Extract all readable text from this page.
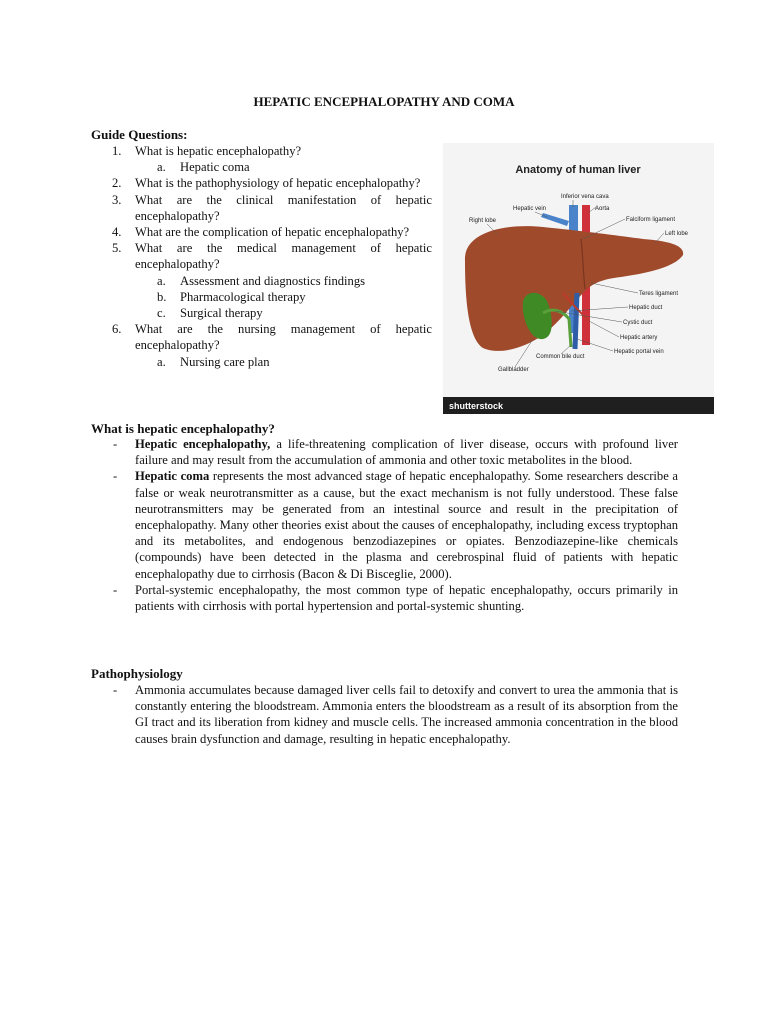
HEPATIC ENCEPHALOPATHY AND COMA
Guide Questions:
1. What is hepatic encephalopathy?
a. Hepatic coma
2. What is the pathophysiology of hepatic encephalopathy?
3. What are the clinical manifestation of hepatic encephalopathy?
4. What are the complication of hepatic encephalopathy?
5. What are the medical management of hepatic encephalopathy?
a. Assessment and diagnostics findings
b. Pharmacological therapy
c. Surgical therapy
6. What are the nursing management of hepatic encephalopathy?
a. Nursing care plan
Anatomy of human liver
Inferior vena cava
Hepatic vein	Aorta
Right lobe	Falciform ligament
Left lobe
Teres ligament
Hepatic duct
Cystic duct
Hepatic artery
Hepatic portal vein
Common bile duct
Gallbladder
shutterstock
What is hepatic encephalopathy?
- Hepatic encephalopathy, a life-threatening complication of liver disease, occurs with profound liver failure and may result from the accumulation of ammonia and other toxic metabolites in the blood.
- Hepatic coma represents the most advanced stage of hepatic encephalopathy. Some researchers describe a false or weak neurotransmitter as a cause, but the exact mechanism is not fully understood. These false neurotransmitters may be generated from an intestinal source and result in the precipitation of encephalopathy. Many other theories exist about the causes of encephalopathy, including excess tryptophan and its metabolites, and endogenous benzodiazepines or opiates. Benzodiazepine-like chemicals (compounds) have been detected in the plasma and cerebrospinal fluid of patients with hepatic encephalopathy due to cirrhosis (Bacon & Di Bisceglie, 2000).
- Portal-systemic encephalopathy, the most common type of hepatic encephalopathy, occurs primarily in patients with cirrhosis with portal hypertension and portal-systemic shunting.
Pathophysiology
- Ammonia accumulates because damaged liver cells fail to detoxify and convert to urea the ammonia that is constantly entering the bloodstream. Ammonia enters the bloodstream as a result of its absorption from the GI tract and its liberation from kidney and muscle cells. The increased ammonia concentration in the blood causes brain dysfunction and damage, resulting in hepatic encephalopathy.
